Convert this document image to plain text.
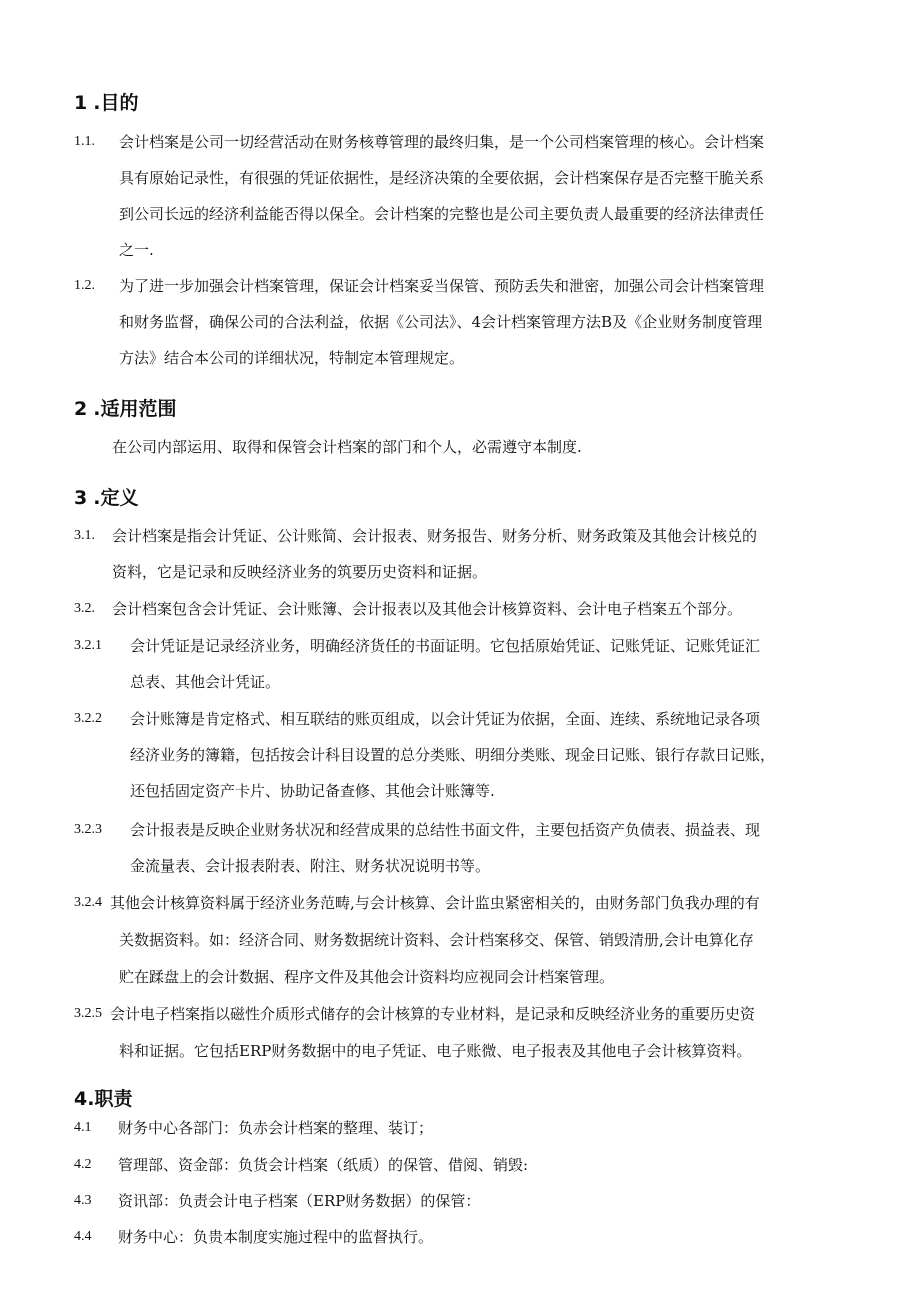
1 .目的
1.1. 会计档案是公司一切经营活动在财务核尊管理的最终归集，是一个公司档案管理的核心。会计档案
具有原始记录性，有很强的凭证依据性，是经济决策的全要依据，会计档案保存是否完整干脆关系
到公司长远的经济利益能否得以保全。会计档案的完整也是公司主要负责人最重要的经济法律责任
之一.
1.2. 为了进一步加强会计档案管理，保证会计档案妥当保管、预防丢失和泄密，加强公司会计档案管理
和财务监督，确保公司的合法利益，依据《公司法》、4会计档案管理方法B及《企业财务制度管理
方法》结合本公司的详细状况，特制定本管理规定。
2 .适用范围
在公司内部运用、取得和保管会计档案的部门和个人，必需遵守本制度.
3 .定义
3.1. 会计档案是指会计凭证、公计账简、会计报表、财务报告、财务分析、财务政策及其他会计核兑的
资料，它是记录和反映经济业务的筑要历史资料和证据。
3.2. 会计档案包含会计凭证、会计账簿、会计报表以及其他会计核算资料、会计电子档案五个部分。
3.2.1 会计凭证是记录经济业务，明确经济货任的书面证明。它包括原始凭证、记账凭证、记账凭证汇
总表、其他会计凭证。
3.2.2 会计账簿是肯定格式、相互联结的账页组成，以会计凭证为依据，全面、连续、系统地记录各项
经济业务的簿籍，包括按会计科目设置的总分类账、明细分类账、现金日记账、银行存款日记账，
还包括固定资产卡片、协助记备查修、其他会计账簿等.
3.2.3 会计报表是反映企业财务状况和经营成果的总结性书面文件，主要包括资产负债表、损益表、现
金流量表、会计报表附表、附注、财务状况说明书等。
3.2.4 其他会计核算资料属于经济业务范畴,与会计核算、会计监虫紧密相关的，由财务部门负我办理的有
关数据资料。如：经济合同、财务数据统计资料、会计档案移交、保管、销毁清册,会计电算化存
贮在蹂盘上的会计数据、程序文件及其他会计资料均应视同会计档案管理。
3.2.5 会计电子档案指以磁性介质形式储存的会计核算的专业材料，是记录和反映经济业务的重要历史资
料和证据。它包括ERP财务数据中的电子凭证、电子账微、电子报表及其他电子会计核算资料。
4.职责
4.1 财务中心各部门：负赤会计档案的整理、装订；
4.2 管理部、资金部：负货会计档案（纸质）的保管、借阅、销毁:
4.3 资讯部：负责会计电子档案（ERP财务数据）的保管：
4.4 财务中心：负贵本制度实施过程中的监督执行。
